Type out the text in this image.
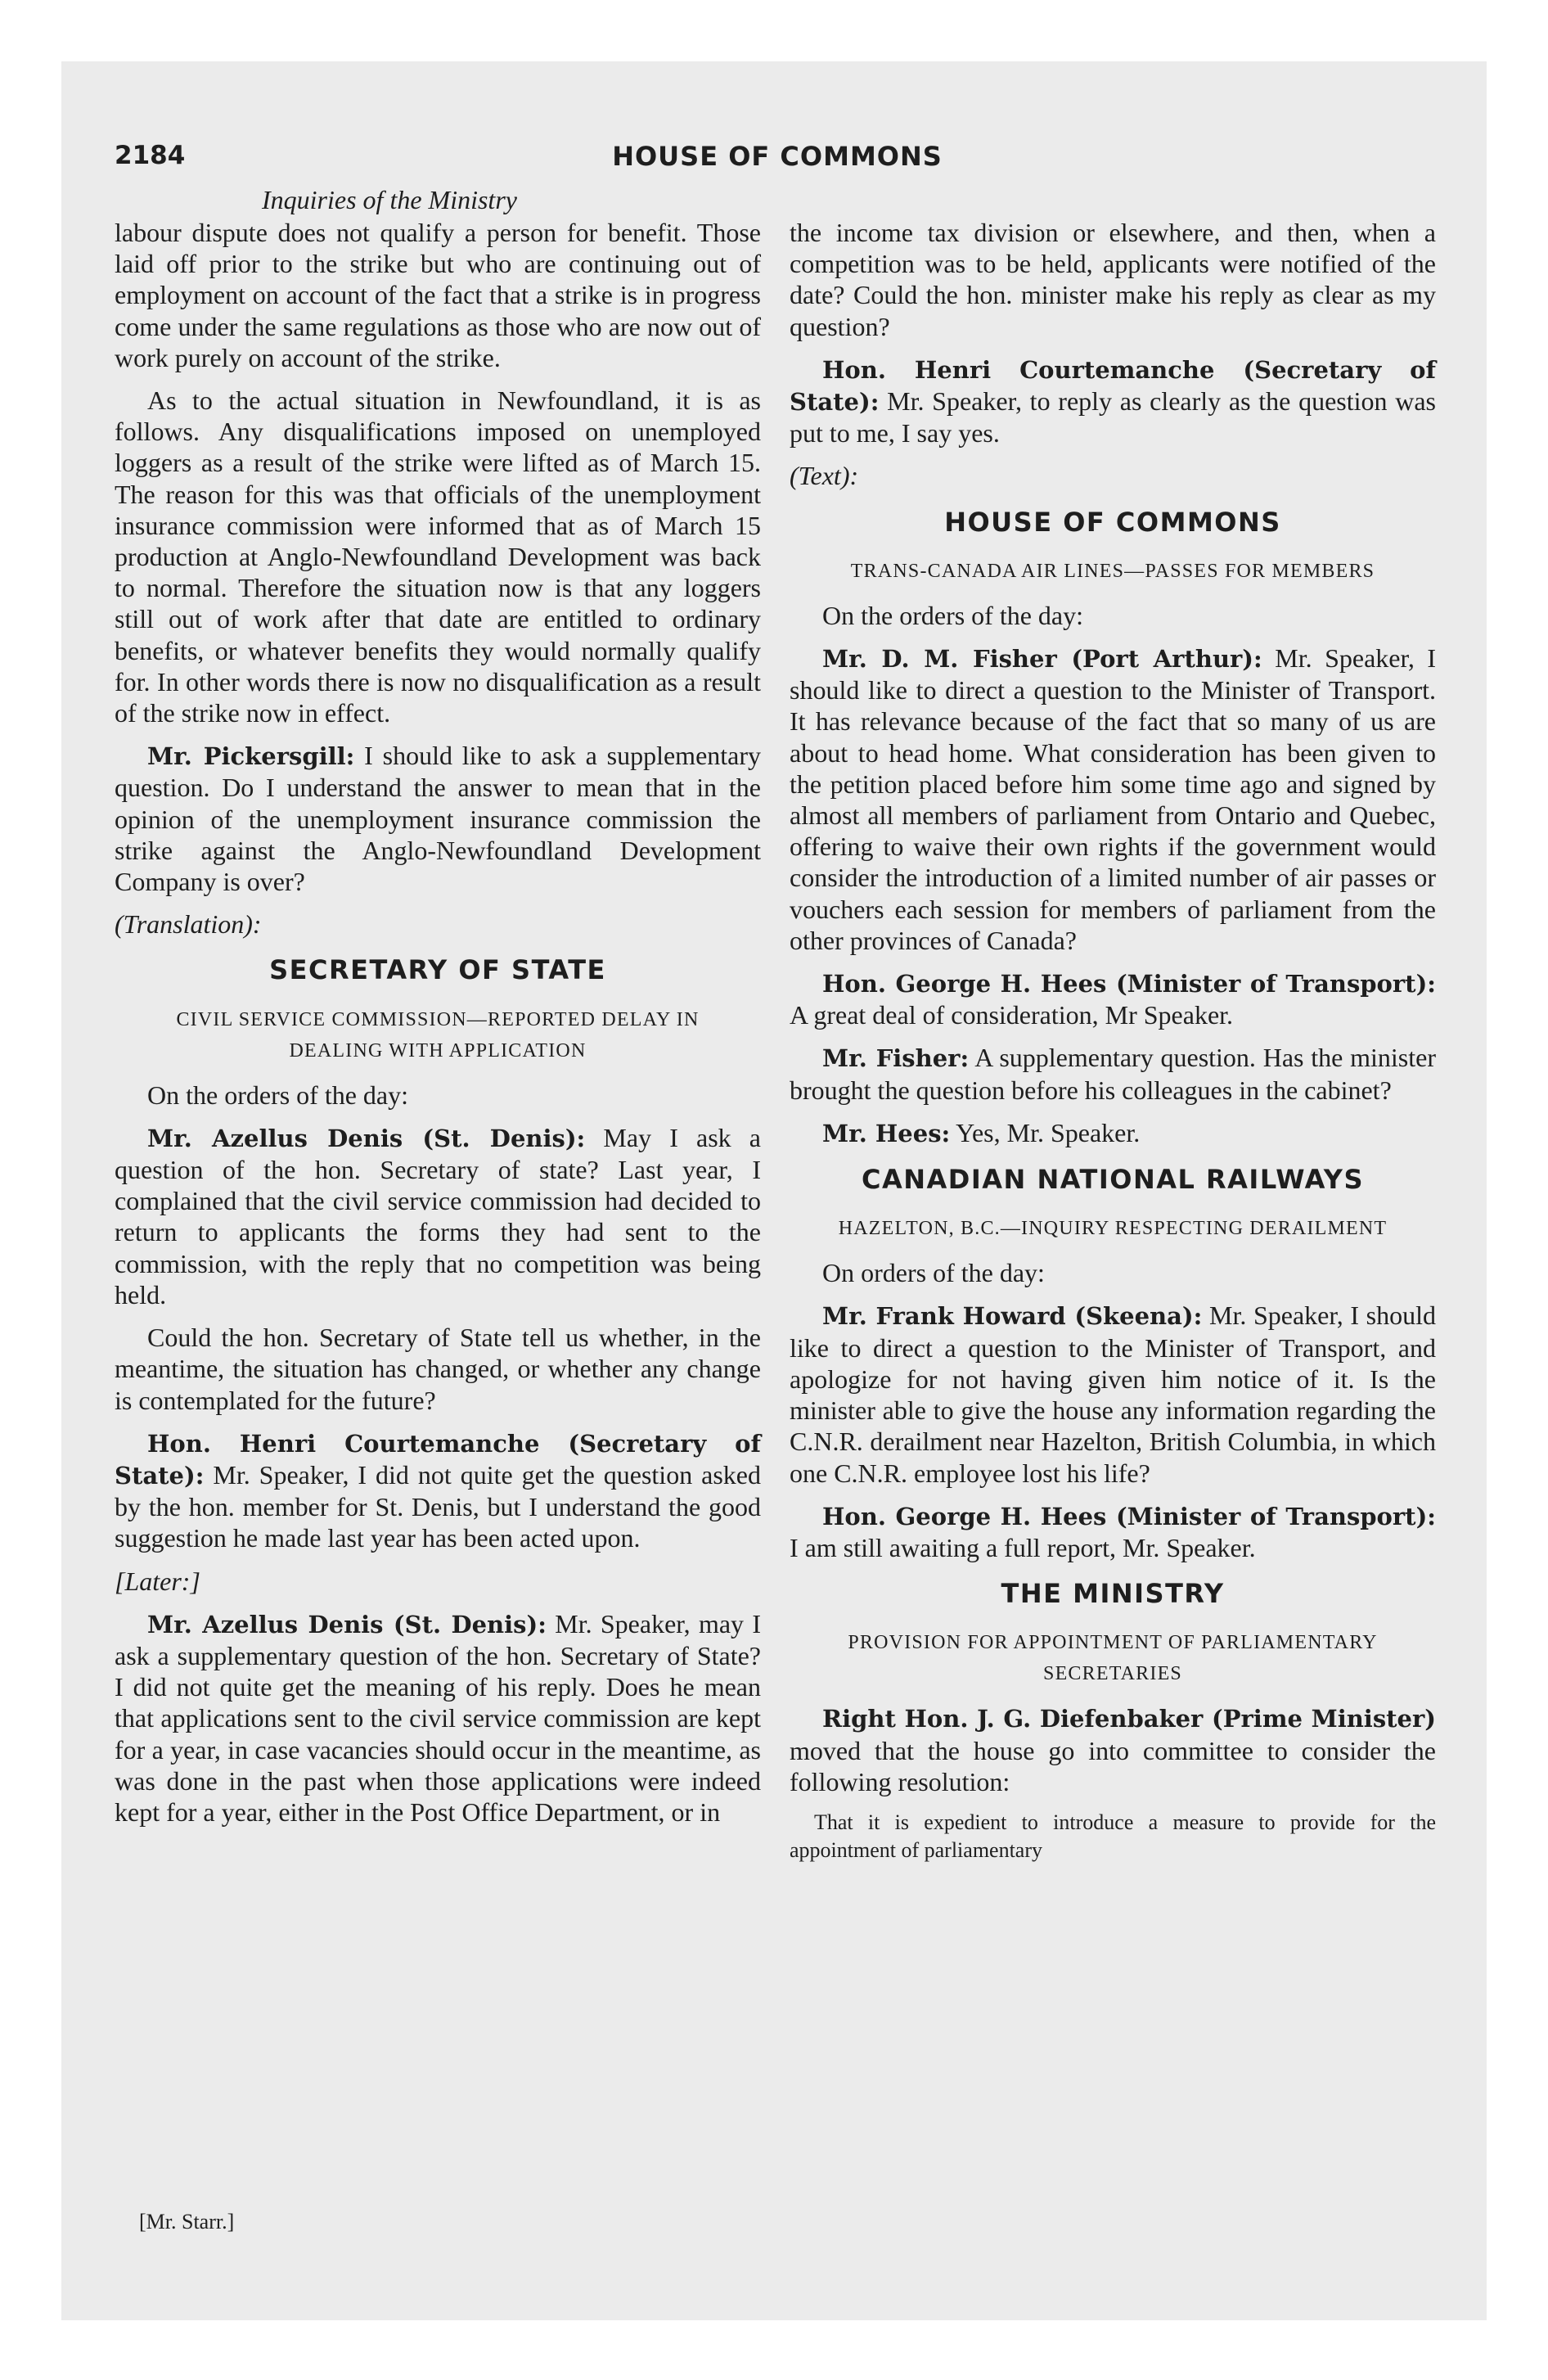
2184	HOUSE OF COMMONS
Inquiries of the Ministry

labour dispute does not qualify a person for benefit. Those laid off prior to the strike but who are continuing out of employment on account of the fact that a strike is in progress come under the same regulations as those who are now out of work purely on account of the strike.

As to the actual situation in Newfoundland, it is as follows. Any disqualifications imposed on unemployed loggers as a result of the strike were lifted as of March 15. The reason for this was that officials of the unemployment insurance commission were informed that as of March 15 production at Anglo-Newfoundland Development was back to normal. Therefore the situation now is that any loggers still out of work after that date are entitled to ordinary benefits, or whatever benefits they would normally qualify for. In other words there is now no disqualification as a result of the strike now in effect.

Mr. Pickersgill: I should like to ask a supplementary question. Do I understand the answer to mean that in the opinion of the unemployment insurance commission the strike against the Anglo-Newfoundland Development Company is over?

(Translation):

SECRETARY OF STATE
CIVIL SERVICE COMMISSION—REPORTED DELAY IN DEALING WITH APPLICATION

On the orders of the day:

Mr. Azellus Denis (St. Denis): May I ask a question of the hon. Secretary of state? Last year, I complained that the civil service commission had decided to return to applicants the forms they had sent to the commission, with the reply that no competition was being held.

Could the hon. Secretary of State tell us whether, in the meantime, the situation has changed, or whether any change is contemplated for the future?

Hon. Henri Courtemanche (Secretary of State): Mr. Speaker, I did not quite get the question asked by the hon. member for St. Denis, but I understand the good suggestion he made last year has been acted upon.

[Later:]

Mr. Azellus Denis (St. Denis): Mr. Speaker, may I ask a supplementary question of the hon. Secretary of State? I did not quite get the meaning of his reply. Does he mean that applications sent to the civil service commission are kept for a year, in case vacancies should occur in the meantime, as was done in the past when those applications were indeed kept for a year, either in the Post Office Department, or in

the income tax division or elsewhere, and then, when a competition was to be held, applicants were notified of the date? Could the hon. minister make his reply as clear as my question?

Hon. Henri Courtemanche (Secretary of State): Mr. Speaker, to reply as clearly as the question was put to me, I say yes.

(Text):

HOUSE OF COMMONS
TRANS-CANADA AIR LINES—PASSES FOR MEMBERS

On the orders of the day:

Mr. D. M. Fisher (Port Arthur): Mr. Speaker, I should like to direct a question to the Minister of Transport. It has relevance because of the fact that so many of us are about to head home. What consideration has been given to the petition placed before him some time ago and signed by almost all members of parliament from Ontario and Quebec, offering to waive their own rights if the government would consider the introduction of a limited number of air passes or vouchers each session for members of parliament from the other provinces of Canada?

Hon. George H. Hees (Minister of Transport): A great deal of consideration, Mr Speaker.

Mr. Fisher: A supplementary question. Has the minister brought the question before his colleagues in the cabinet?

Mr. Hees: Yes, Mr. Speaker.

CANADIAN NATIONAL RAILWAYS
HAZELTON, B.C.—INQUIRY RESPECTING DERAILMENT

On orders of the day:

Mr. Frank Howard (Skeena): Mr. Speaker, I should like to direct a question to the Minister of Transport, and apologize for not having given him notice of it. Is the minister able to give the house any information regarding the C.N.R. derailment near Hazelton, British Columbia, in which one C.N.R. employee lost his life?

Hon. George H. Hees (Minister of Transport): I am still awaiting a full report, Mr. Speaker.

THE MINISTRY
PROVISION FOR APPOINTMENT OF PARLIAMENTARY SECRETARIES

Right Hon. J. G. Diefenbaker (Prime Minister) moved that the house go into committee to consider the following resolution:

That it is expedient to introduce a measure to provide for the appointment of parliamentary

[Mr. Starr.]
